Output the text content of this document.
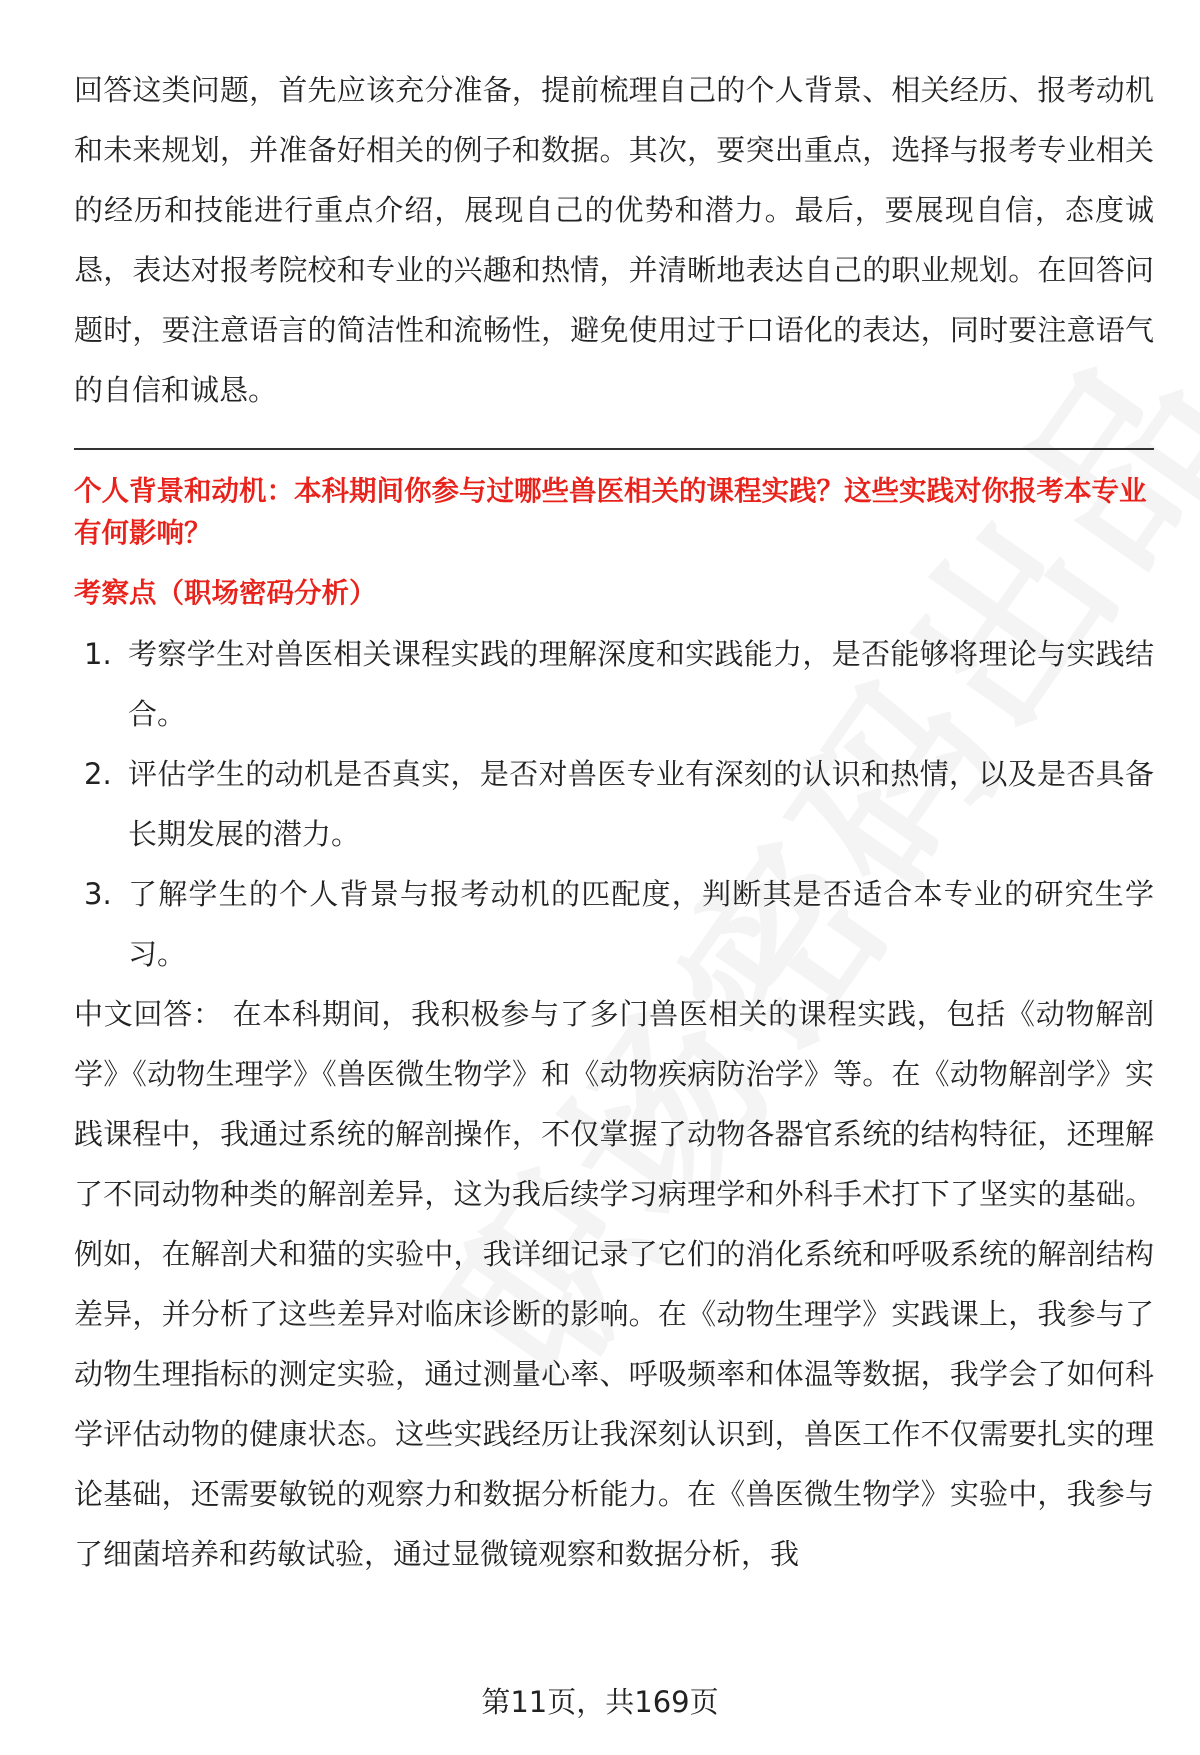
回答这类问题，首先应该充分准备，提前梳理自己的个人背景、相关经历、报考动机和未来规划，并准备好相关的例子和数据。其次，要突出重点，选择与报考专业相关的经历和技能进行重点介绍，展现自己的优势和潜力。最后，要展现自信，态度诚恳，表达对报考院校和专业的兴趣和热情，并清晰地表达自己的职业规划。在回答问题时，要注意语言的简洁性和流畅性，避免使用过于口语化的表达，同时要注意语气的自信和诚恳。

个人背景和动机：本科期间你参与过哪些兽医相关的课程实践？这些实践对你报考本专业有何影响？

考察点（职场密码分析）

1. 考察学生对兽医相关课程实践的理解深度和实践能力，是否能够将理论与实践结合。
2. 评估学生的动机是否真实，是否对兽医专业有深刻的认识和热情，以及是否具备长期发展的潜力。
3. 了解学生的个人背景与报考动机的匹配度，判断其是否适合本专业的研究生学习。

中文回答： 在本科期间，我积极参与了多门兽医相关的课程实践，包括《动物解剖学》《动物生理学》《兽医微生物学》和《动物疾病防治学》等。在《动物解剖学》实践课程中，我通过系统的解剖操作，不仅掌握了动物各器官系统的结构特征，还理解了不同动物种类的解剖差异，这为我后续学习病理学和外科手术打下了坚实的基础。例如，在解剖犬和猫的实验中，我详细记录了它们的消化系统和呼吸系统的解剖结构差异，并分析了这些差异对临床诊断的影响。在《动物生理学》实践课上，我参与了动物生理指标的测定实验，通过测量心率、呼吸频率和体温等数据，我学会了如何科学评估动物的健康状态。这些实践经历让我深刻认识到，兽医工作不仅需要扎实的理论基础，还需要敏锐的观察力和数据分析能力。在《兽医微生物学》实验中，我参与了细菌培养和药敏试验，通过显微镜观察和数据分析，我

第11页，共169页
